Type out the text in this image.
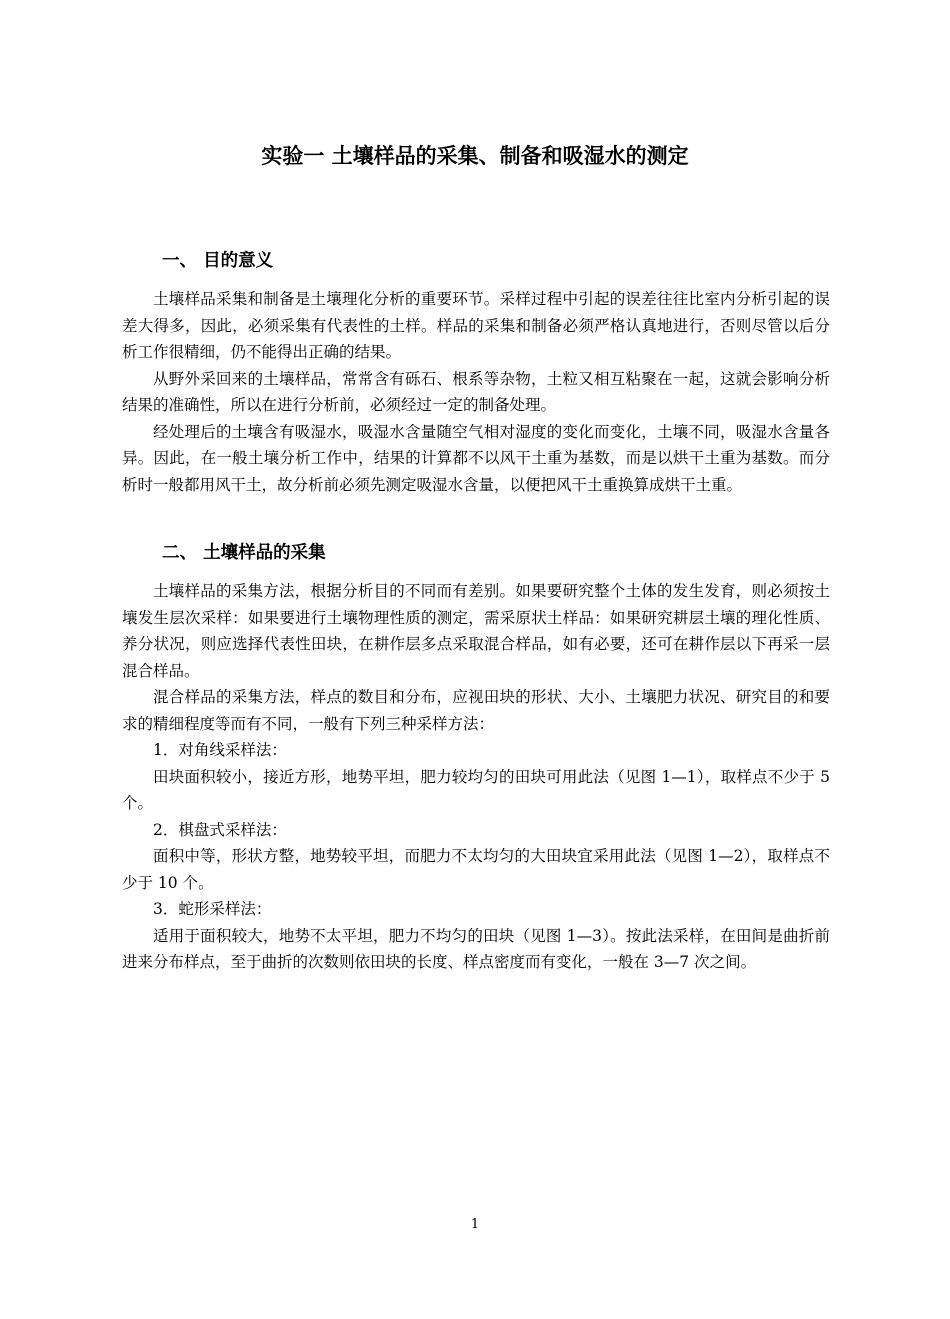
实验一 土壤样品的采集、制备和吸湿水的测定
一、 目的意义

土壤样品采集和制备是土壤理化分析的重要环节。采样过程中引起的误差往往比室内分析引起的误差大得多，因此，必须采集有代表性的土样。样品的采集和制备必须严格认真地进行，否则尽管以后分析工作很精细，仍不能得出正确的结果。

从野外采回来的土壤样品，常常含有砾石、根系等杂物，土粒又相互粘聚在一起，这就会影响分析结果的准确性，所以在进行分析前，必须经过一定的制备处理。

经处理后的土壤含有吸湿水，吸湿水含量随空气相对湿度的变化而变化，土壤不同，吸湿水含量各异。因此，在一般土壤分析工作中，结果的计算都不以风干土重为基数，而是以烘干土重为基数。而分析时一般都用风干土，故分析前必须先测定吸湿水含量，以便把风干土重换算成烘干土重。

二、 土壤样品的采集

土壤样品的采集方法，根据分析目的不同而有差别。如果要研究整个土体的发生发育，则必须按土壤发生层次采样：如果要进行土壤物理性质的测定，需采原状土样品：如果研究耕层土壤的理化性质、养分状况，则应选择代表性田块，在耕作层多点采取混合样品，如有必要，还可在耕作层以下再采一层混合样品。

混合样品的采集方法，样点的数目和分布，应视田块的形状、大小、土壤肥力状况、研究目的和要求的精细程度等而有不同，一般有下列三种采样方法：

1．对角线采样法：

田块面积较小，接近方形，地势平坦，肥力较均匀的田块可用此法（见图 1—1），取样点不少于 5 个。

2．棋盘式采样法：

面积中等，形状方整，地势较平坦，而肥力不太均匀的大田块宜采用此法（见图 1—2），取样点不少于 10 个。

3．蛇形采样法：

适用于面积较大，地势不太平坦，肥力不均匀的田块（见图 1—3）。按此法采样，在田间是曲折前进来分布样点，至于曲折的次数则依田块的长度、样点密度而有变化，一般在 3—7 次之间。

1
